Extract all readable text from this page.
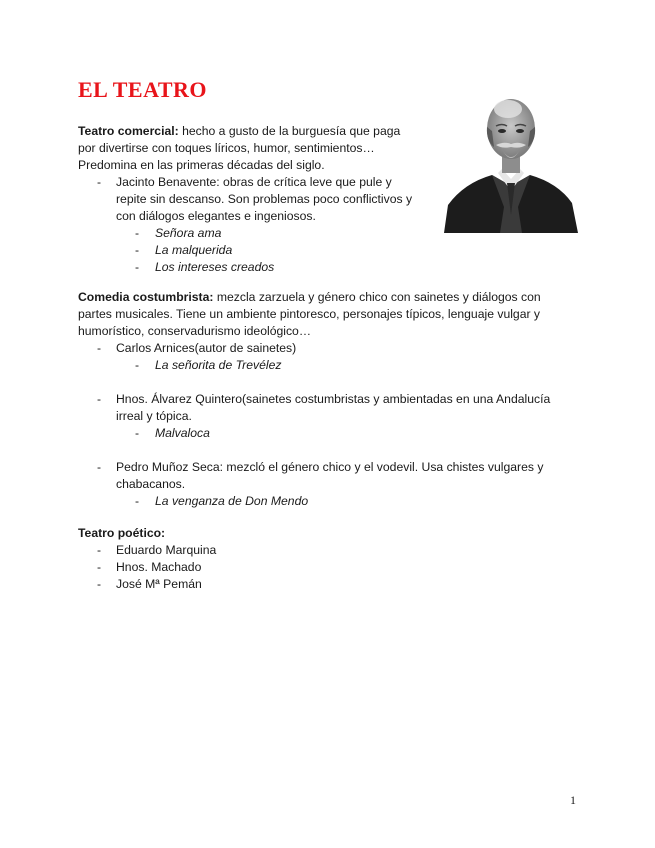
EL TEATRO

Teatro comercial: hecho a gusto de la burguesía que paga
por divertirse con toques líricos, humor, sentimientos…
Predomina en las primeras décadas del siglo.

- Jacinto Benavente: obras de crítica leve que pule y
repite sin descanso. Son problemas poco conflictivos y
con diálogos elegantes e ingeniosos.
- Señora ama
- La malquerida
- Los intereses creados

Comedia costumbrista: mezcla zarzuela y género chico con sainetes y diálogos con
partes musicales. Tiene un ambiente pintoresco, personajes típicos, lenguaje vulgar y
humorístico, conservadurismo ideológico…

- Carlos Arnices(autor de sainetes)
- La señorita de Trevélez
- Hnos. Álvarez Quintero(sainetes costumbristas y ambientadas en una Andalucía
irreal y tópica.
- Malvaloca
- Pedro Muñoz Seca: mezcló el género chico y el vodevil. Usa chistes vulgares y
chabacanos.
- La venganza de Don Mendo

Teatro poético:

- Eduardo Marquina
- Hnos. Machado
- José Mª Pemán
1
